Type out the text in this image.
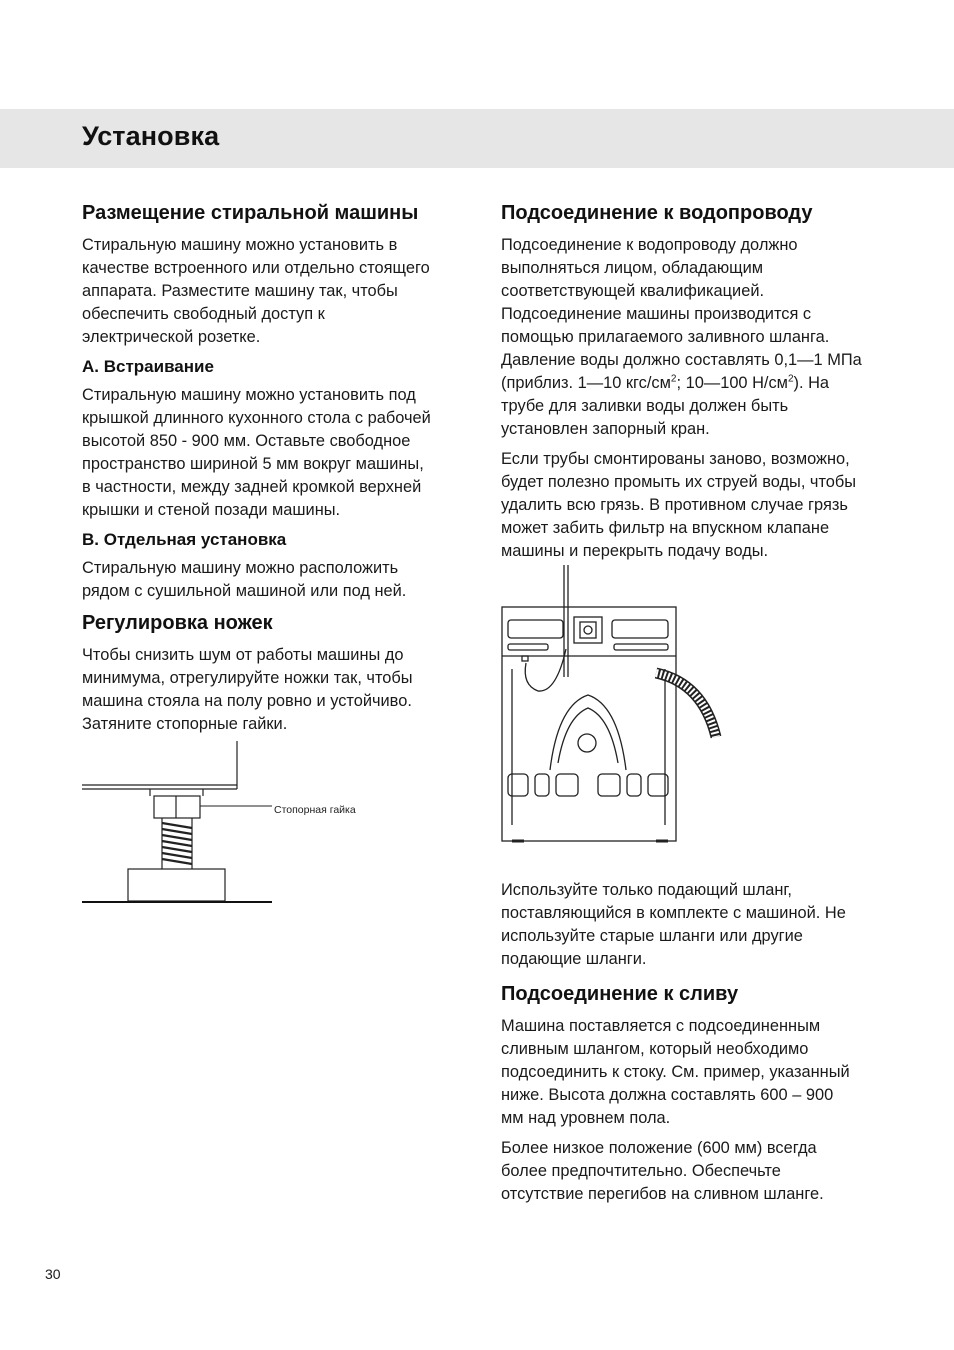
Установка
Размещение стиральной машины

Стиральную машину можно установить в
качестве встроенного или отдельно стоящего
аппарата. Разместите машину так, чтобы
обеспечить свободный доступ к
электрической розетке.

A. Встраивание

Стиральную машину можно установить под
крышкой длинного кухонного стола с рабочей
высотой 850 - 900 мм. Оставьте свободное
пространство шириной 5 мм вокруг машины,
в частности, между задней кромкой верхней
крышки и стеной позади машины.

B. Отдельная установка

Стиральную машину можно расположить
рядом с сушильной машиной или под ней.

Регулировка ножек

Чтобы снизить шум от работы машины до
минимума, отрегулируйте ножки так, чтобы
машина стояла на полу ровно и устойчиво.
Затяните стопорные гайки.

Стопорная гайка
Подсоединение к водопроводу

Подсоединение к водопроводу должно
выполняться лицом, обладающим
соответствующей квалификацией.
Подсоединение машины производится с
помощью прилагаемого заливного шланга.
Давление воды должно составлять 0,1—1 МПа
(приблиз. 1—10 кгс/$см^2$; 10—100 $Н/см^2$). На
трубе для заливки воды должен быть
установлен запорный кран.

Если трубы смонтированы заново, возможно,
будет полезно промыть их струей воды, чтобы
удалить всю грязь. В противном случае грязь
может забить фильтр на впускном клапане
машины и перекрыть подачу воды.

Используйте только подающий шланг,
поставляющийся в комплекте с машиной. Не
используйте старые шланги или другие
подающие шланги.

Подсоединение к сливу

Машина поставляется с подсоединенным
сливным шлангом, который необходимо
подсоединить к стоку. См. пример, указанный
ниже. Высота должна составлять 600 – 900
мм над уровнем пола.

Более низкое положение (600 мм) всегда
более предпочтительно. Обеспечьте
отсутствие перегибов на сливном шланге.

30
